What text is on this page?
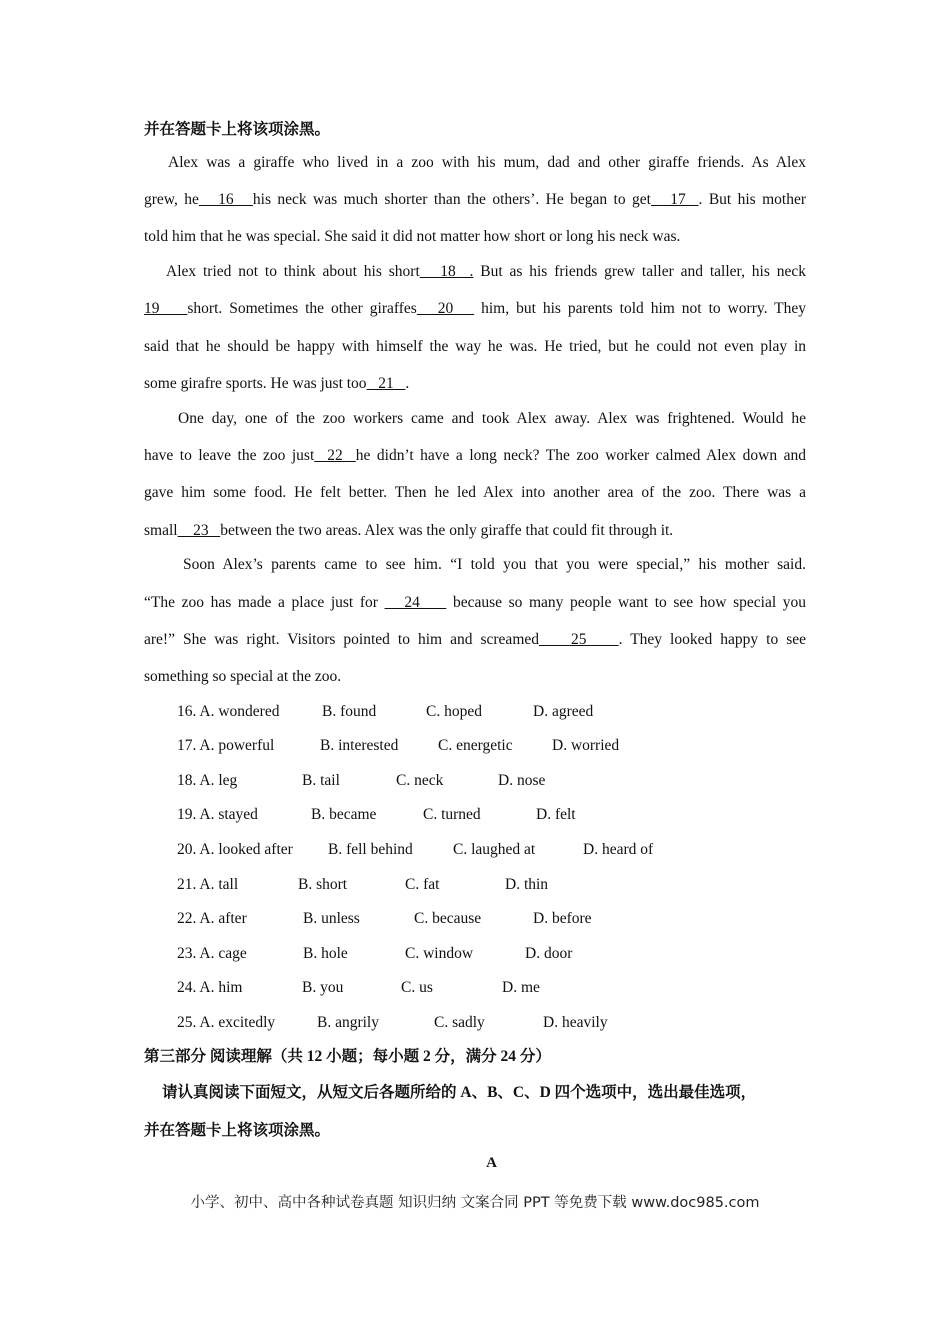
并在答题卡上将该项涂黑。
Alex was a giraffe who lived in a zoo with his mum, dad and other giraffe friends. As Alex
grew, he   16   his neck was much shorter than the others’. He began to get   17  . But his mother
told him that he was special. She said it did not matter how short or long his neck was.
Alex tried not to think about his short   18  . But as his friends grew taller and taller, his neck
19    short. Sometimes the other giraffes   20    him, but his parents told him not to worry. They
said that he should be happy with himself the way he was. He tried, but he could not even play in
some girafre sports. He was just too   21   .
One day, one of the zoo workers came and took Alex away. Alex was frightened. Would he
have to leave the zoo just  22  he didn’t have a long neck? The zoo worker calmed Alex down and
gave him some food. He felt better. Then he led Alex into another area of the zoo. There was a
small    23   between the two areas. Alex was the only giraffe that could fit through it.
Soon Alex’s parents came to see him. “I told you that you were special,” his mother said.
“The zoo has made a place just for    24     because so many people want to see how special you
are!” She was right. Visitors pointed to him and screamed    25    . They looked happy to see
something so special at the zoo.
16. A. wondered	B. found	C. hoped	D. agreed
17. A. powerful	B. interested	C. energetic	D. worried
18. A. leg	B. tail	C. neck	D. nose
19. A. stayed	B. became	C. turned	D. felt
20. A. looked after B. fell behind	C. laughed at	D. heard of
21. A. tall	B. short	C. fat	D. thin
22. A. after	B. unless	C. because	D. before
23. A. cage	B. hole	C. window	D. door
24. A. him	B. you	C. us	D. me
25. A. excitedly	B. angrily	C. sadly	D. heavily
第三部分 阅读理解（共 12 小题；每小题 2 分，满分 24 分）
请认真阅读下面短文，从短文后各题所给的 A、B、C、D 四个选项中，选出最佳选项，
并在答题卡上将该项涂黑。
A
小学、初中、高中各种试卷真题 知识归纳 文案合同 PPT 等免费下载 www.doc985.com
